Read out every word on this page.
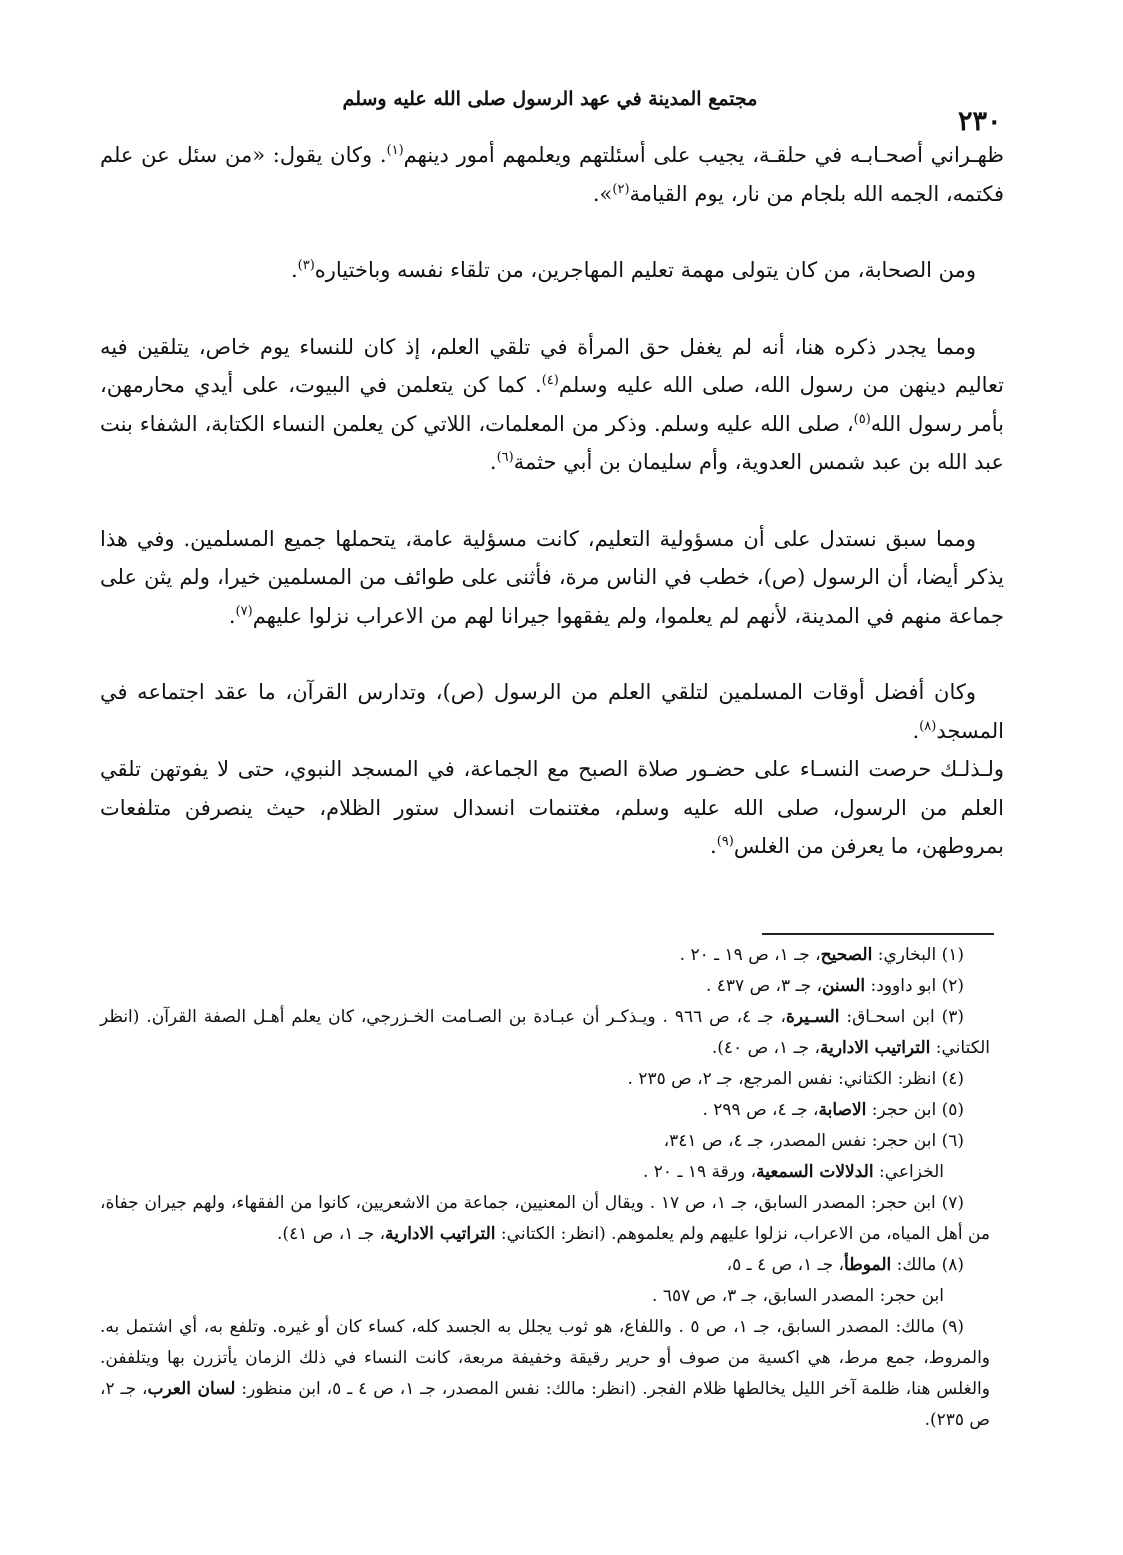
مجتمع المدينة في عهد الرسول صلى الله عليه وسلم
٢٣٠

ظهـراني أصحـابـه في حلقـة، يجيب على أسئلتهم ويعلمهم أمور دينهم$^{(١)}$. وكان يقول: «من سئل عن علم فكتمه، الجمه الله بلجام من نار، يوم القيامة$^{(٢)}$».

ومن الصحابة، من كان يتولى مهمة تعليم المهاجرين، من تلقاء نفسه وباختياره$^{(٣)}$.

ومما يجدر ذكره هنا، أنه لم يغفل حق المرأة في تلقي العلم، إذ كان للنساء يوم خاص، يتلقين فيه تعاليم دينهن من رسول الله، صلى الله عليه وسلم$^{(٤)}$. كما كن يتعلمن في البيوت، على أيدي محارمهن، بأمر رسول الله$^{(٥)}$، صلى الله عليه وسلم. وذكر من المعلمات، اللاتي كن يعلمن النساء الكتابة، الشفاء بنت عبد الله بن عبد شمس العدوية، وأم سليمان بن أبي حثمة$^{(٦)}$.

ومما سبق نستدل على أن مسؤولية التعليم، كانت مسؤلية عامة، يتحملها جميع المسلمين. وفي هذا يذكر أيضا، أن الرسول (ص)، خطب في الناس مرة، فأثنى على طوائف من المسلمين خيرا، ولم يثن على جماعة منهم في المدينة، لأنهم لم يعلموا، ولم يفقهوا جيرانا لهم من الاعراب نزلوا عليهم$^{(٧)}$.

وكان أفضل أوقات المسلمين لتلقي العلم من الرسول (ص)، وتدارس القرآن، ما عقد اجتماعه في المسجد$^{(٨)}$.

ولـذلـك حرصت النسـاء على حضـور صلاة الصبح مع الجماعة، في المسجد النبوي، حتى لا يفوتهن تلقي العلم من الرسول، صلى الله عليه وسلم، مغتنمات انسدال ستور الظلام، حيث ينصرفن متلفعات بمروطهن، ما يعرفن من الغلس$^{(٩)}$.

(١) البخاري: الصحيح، جـ ١، ص ١٩ ـ ٢٠ .

(٢) ابو داوود: السنن، جـ ٣، ص ٤٣٧ .

(٣) ابن اسحـاق: السـيرة، جـ ٤، ص ٩٦٦ . ويـذكـر أن عبـادة بن الصـامت الخـزرجي، كان يعلم أهـل الصفة القرآن. (انظر الكتاني: التراتيب الادارية، جـ ١، ص ٤٠).

(٤) انظر: الكتاني: نفس المرجع، جـ ٢، ص ٢٣٥ .

(٥) ابن حجر: الاصابة، جـ ٤، ص ٢٩٩ .

(٦) ابن حجر: نفس المصدر، جـ ٤، ص ٣٤١،

الخزاعي: الدلالات السمعية، ورقة ١٩ ـ ٢٠ .

(٧) ابن حجر: المصدر السابق، جـ ١، ص ١٧ . ويقال أن المعنيين، جماعة من الاشعريين، كانوا من الفقهاء، ولهم جيران جفاة، من أهل المياه، من الاعراب، نزلوا عليهم ولم يعلموهم. (انظر: الكتاني: التراتيب الادارية، جـ ١، ص ٤١).

(٨) مالك: الموطأ، جـ ١، ص ٤ ـ ٥،

ابن حجر: المصدر السابق، جـ ٣، ص ٦٥٧ .

(٩) مالك: المصدر السابق، جـ ١، ص ٥ . واللفاع، هو ثوب يجلل به الجسد كله، كساء كان أو غيره. وتلفع به، أي اشتمل به. والمروط، جمع مرط، هي اكسية من صوف أو حرير رقيقة وخفيفة مربعة، كانت النساء في ذلك الزمان يأتزرن بها ويتلففن. والغلس هنا، ظلمة آخر الليل يخالطها ظلام الفجر. (انظر: مالك: نفس المصدر، جـ ١، ص ٤ ـ ٥، ابن منظور: لسان العرب، جـ ٢، ص ٢٣٥).
